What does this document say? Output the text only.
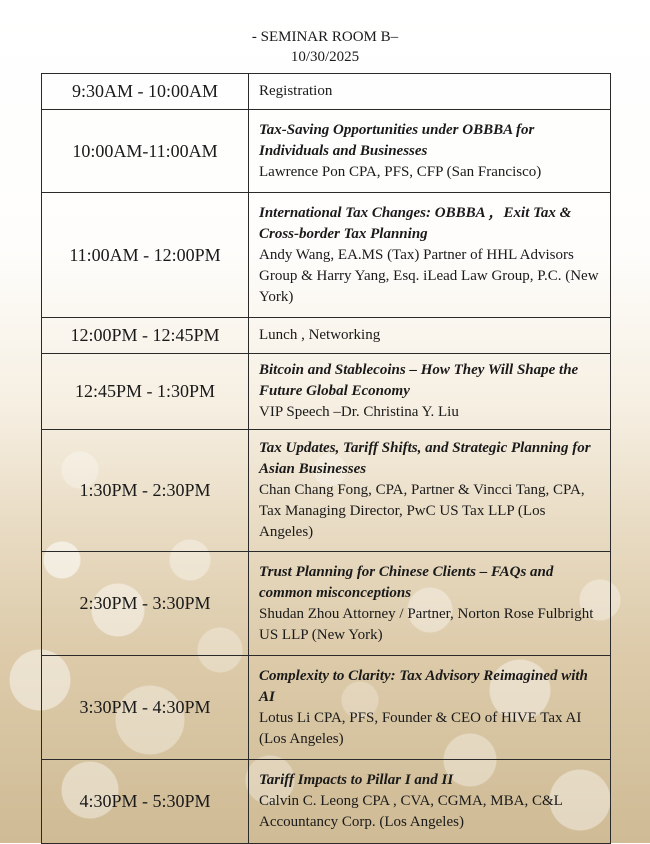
- SEMINAR ROOM B–
10/30/2025
9:30AM - 10:00AM	Registration

10:00AM-11:00AM	Tax-Saving Opportunities under OBBBA for Individuals and Businesses
Lawrence Pon CPA, PFS, CFP (San Francisco)

11:00AM - 12:00PM	International Tax Changes: OBBBA ，Exit Tax & Cross-border Tax Planning
Andy Wang, EA.MS (Tax) Partner of HHL Advisors Group & Harry Yang, Esq. iLead Law Group, P.C. (New York)

12:00PM - 12:45PM	Lunch , Networking

12:45PM - 1:30PM	Bitcoin and Stablecoins – How They Will Shape the Future Global Economy
VIP Speech –Dr. Christina Y. Liu

1:30PM - 2:30PM	Tax Updates, Tariff Shifts, and Strategic Planning for Asian Businesses
Chan Chang Fong, CPA, Partner & Vincci Tang, CPA, Tax Managing Director, PwC US Tax LLP (Los Angeles)

2:30PM - 3:30PM	Trust Planning for Chinese Clients – FAQs and common misconceptions
Shudan Zhou Attorney / Partner, Norton Rose Fulbright US LLP (New York)

3:30PM - 4:30PM	Complexity to Clarity: Tax Advisory Reimagined with AI
Lotus Li CPA, PFS, Founder & CEO of HIVE Tax AI (Los Angeles)

4:30PM - 5:30PM	Tariff Impacts to Pillar I and II
Calvin C. Leong CPA , CVA, CGMA, MBA, C&L Accountancy Corp. (Los Angeles)
